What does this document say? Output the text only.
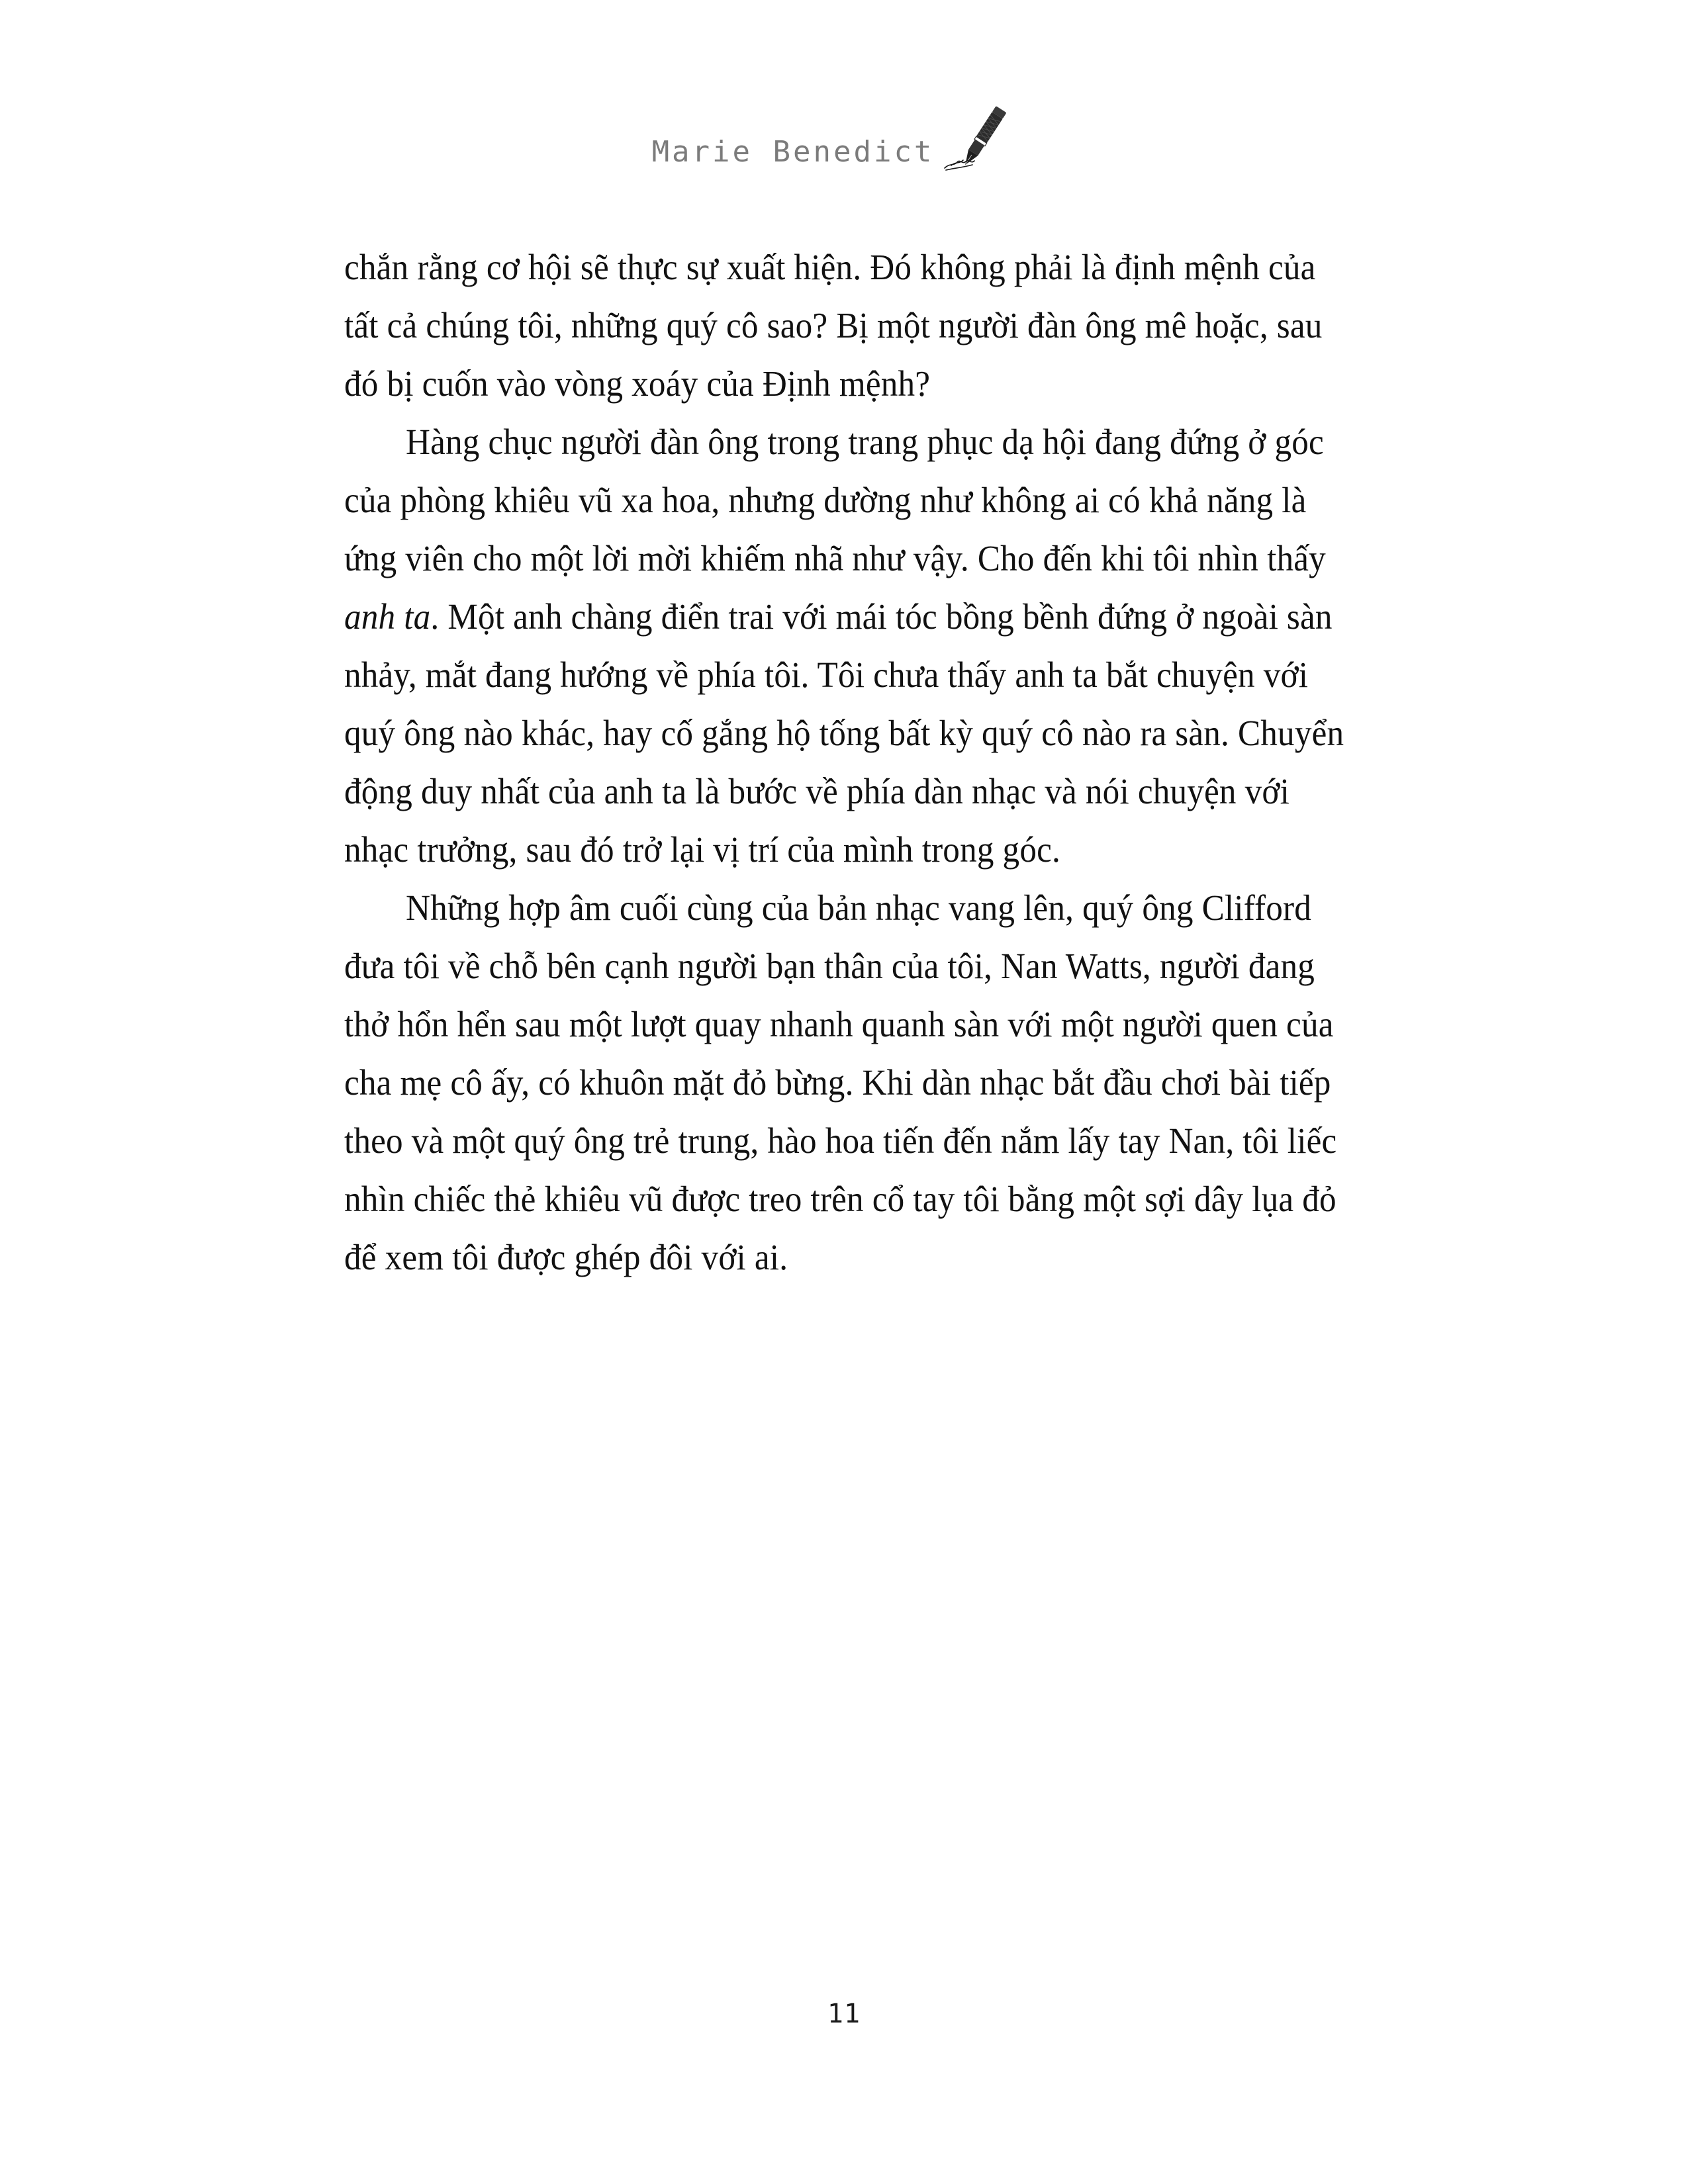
Marie Benedict

chắn rằng cơ hội sẽ thực sự xuất hiện. Đó không phải là định mệnh của tất cả chúng tôi, những quý cô sao? Bị một người đàn ông mê hoặc, sau đó bị cuốn vào vòng xoáy của Định mệnh?

Hàng chục người đàn ông trong trang phục dạ hội đang đứng ở góc của phòng khiêu vũ xa hoa, nhưng dường như không ai có khả năng là ứng viên cho một lời mời khiếm nhã như vậy. Cho đến khi tôi nhìn thấy anh ta. Một anh chàng điển trai với mái tóc bồng bềnh đứng ở ngoài sàn nhảy, mắt đang hướng về phía tôi. Tôi chưa thấy anh ta bắt chuyện với quý ông nào khác, hay cố gắng hộ tống bất kỳ quý cô nào ra sàn. Chuyển động duy nhất của anh ta là bước về phía dàn nhạc và nói chuyện với nhạc trưởng, sau đó trở lại vị trí của mình trong góc.

Những hợp âm cuối cùng của bản nhạc vang lên, quý ông Clifford đưa tôi về chỗ bên cạnh người bạn thân của tôi, Nan Watts, người đang thở hổn hển sau một lượt quay nhanh quanh sàn với một người quen của cha mẹ cô ấy, có khuôn mặt đỏ bừng. Khi dàn nhạc bắt đầu chơi bài tiếp theo và một quý ông trẻ trung, hào hoa tiến đến nắm lấy tay Nan, tôi liếc nhìn chiếc thẻ khiêu vũ được treo trên cổ tay tôi bằng một sợi dây lụa đỏ để xem tôi được ghép đôi với ai.

11
